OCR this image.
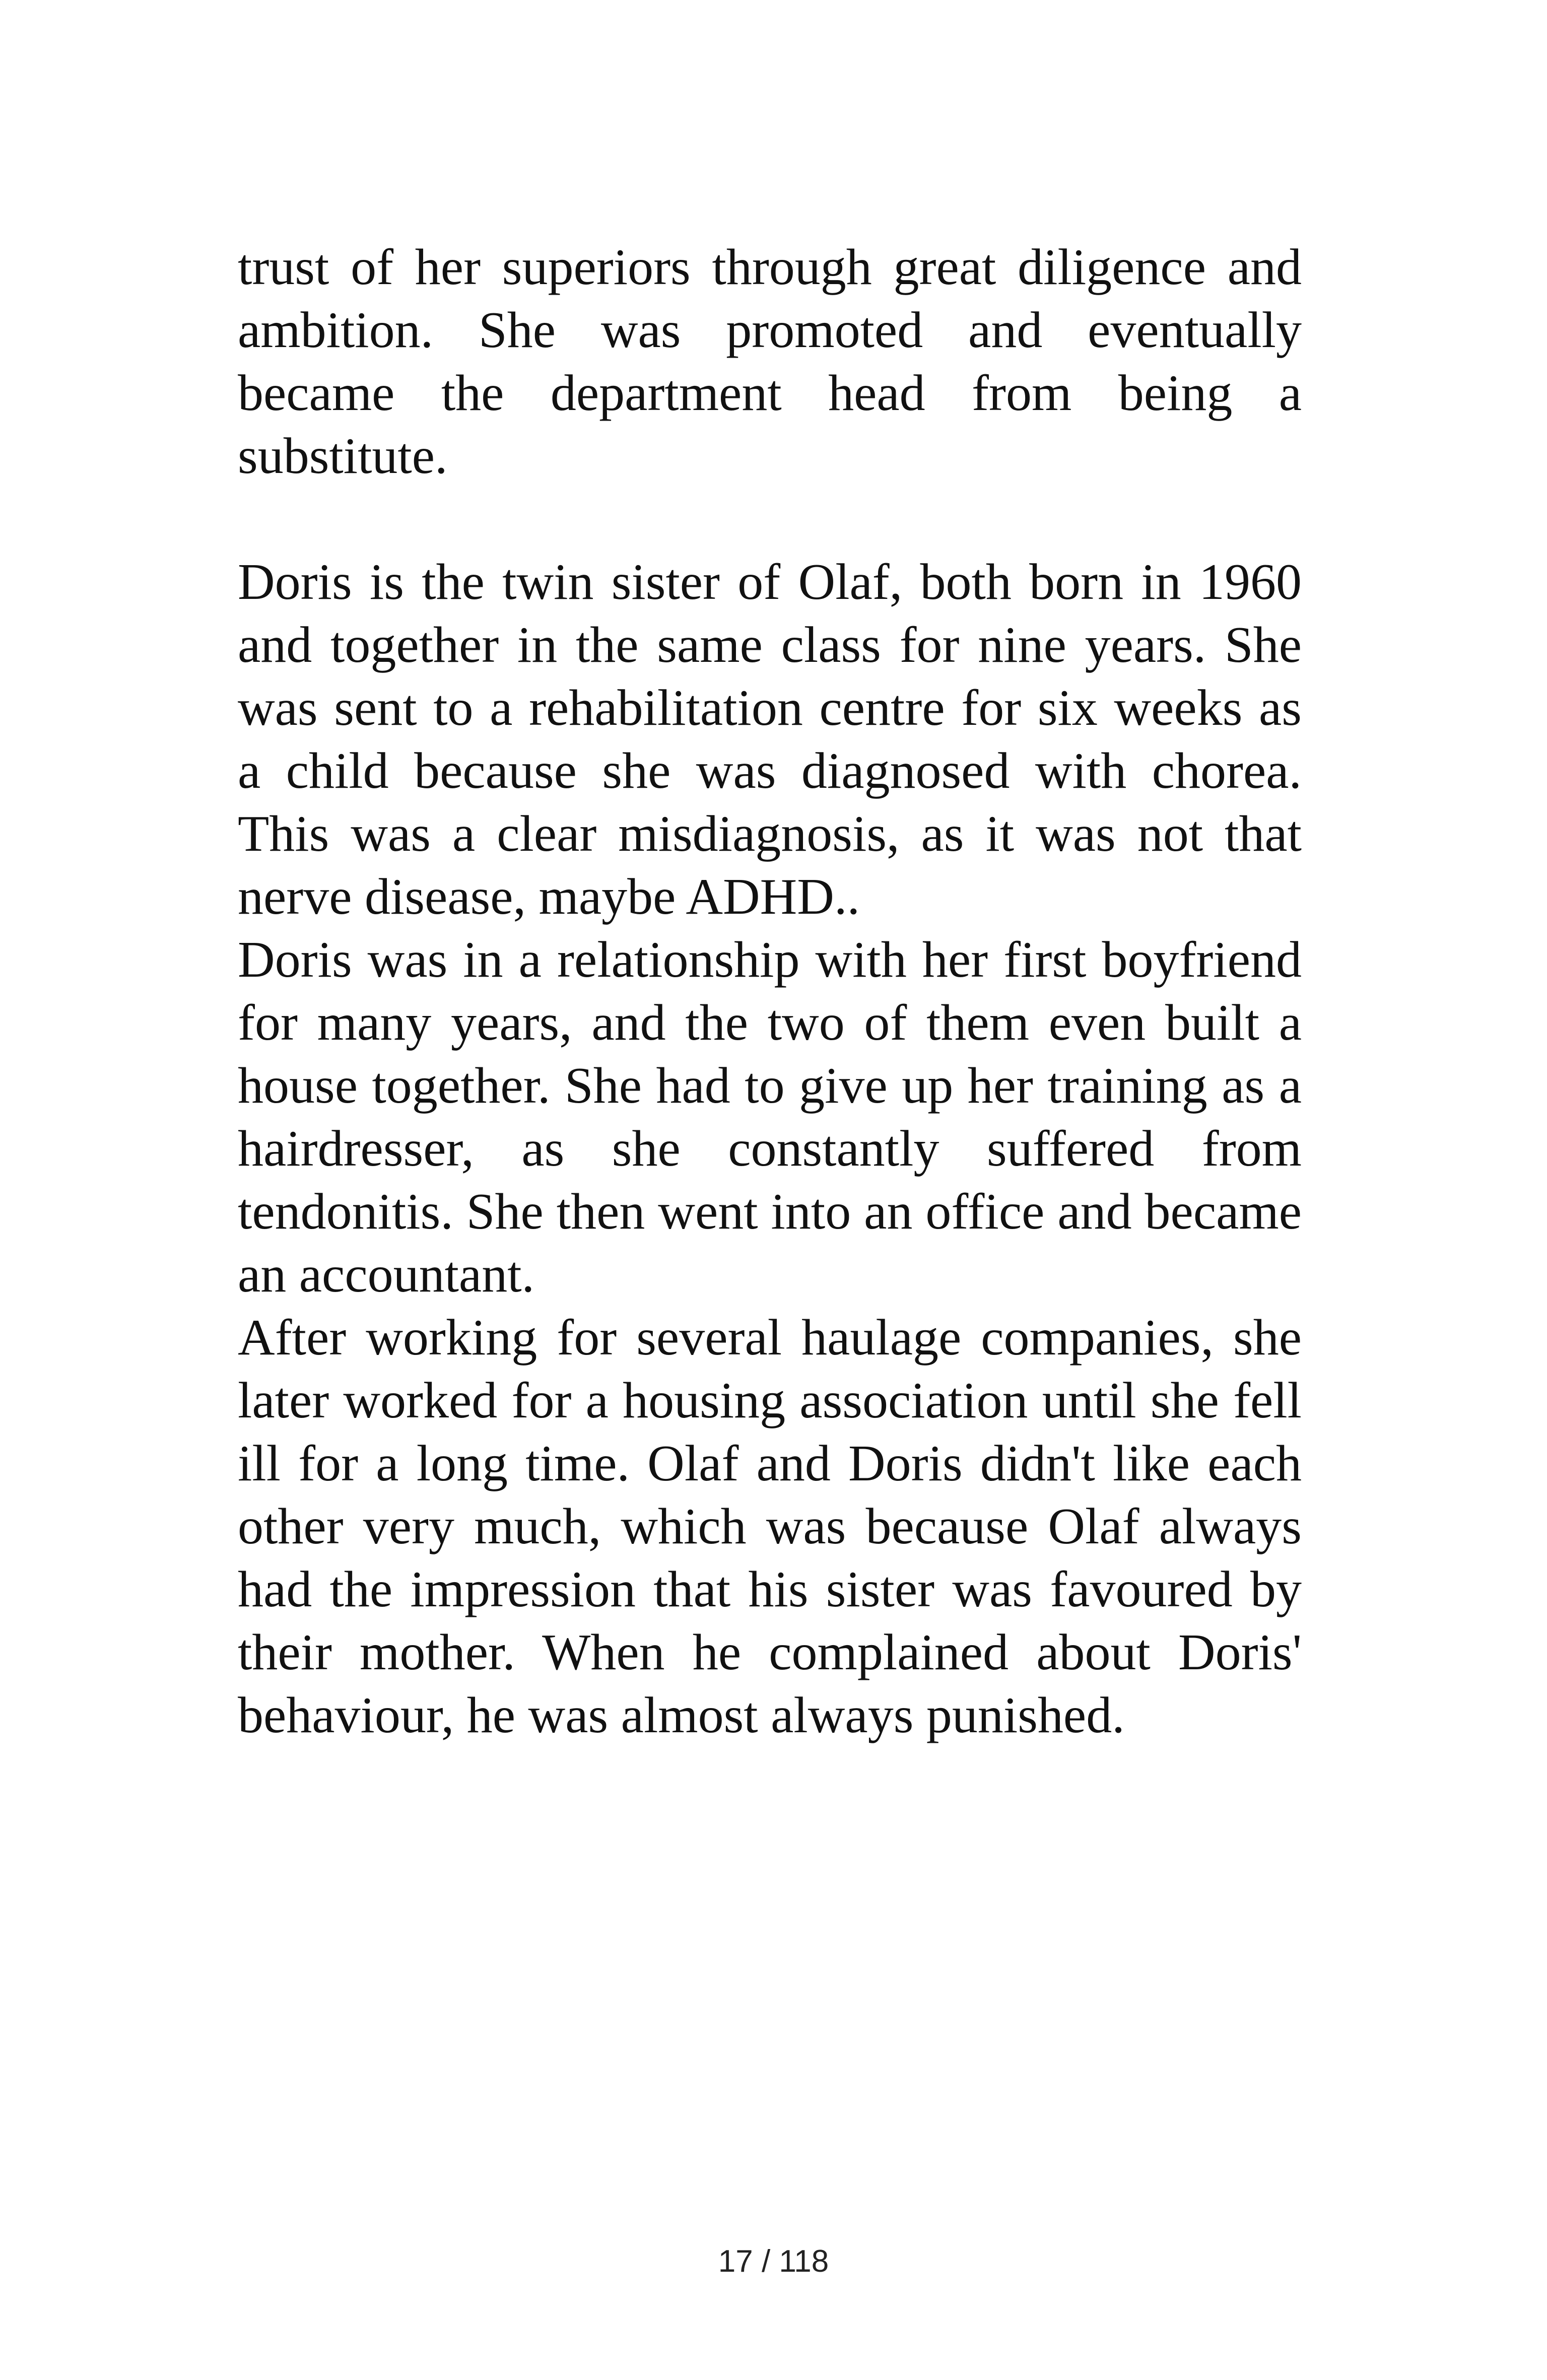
trust of her superiors through great diligence and ambition. She was promoted and eventually became the department head from being a substitute.

Doris is the twin sister of Olaf, both born in 1960 and together in the same class for nine years. She was sent to a rehabilitation centre for six weeks as a child because she was diagnosed with chorea. This was a clear misdiagnosis, as it was not that nerve disease, maybe ADHD..

Doris was in a relationship with her first boyfriend for many years, and the two of them even built a house together. She had to give up her training as a hairdresser, as she constantly suffered from tendonitis. She then went into an office and became an accountant.

After working for several haulage companies, she later worked for a housing association until she fell ill for a long time. Olaf and Doris didn't like each other very much, which was because Olaf always had the impression that his sister was favoured by their mother. When he complained about Doris' behaviour, he was almost always punished.

17 / 118
